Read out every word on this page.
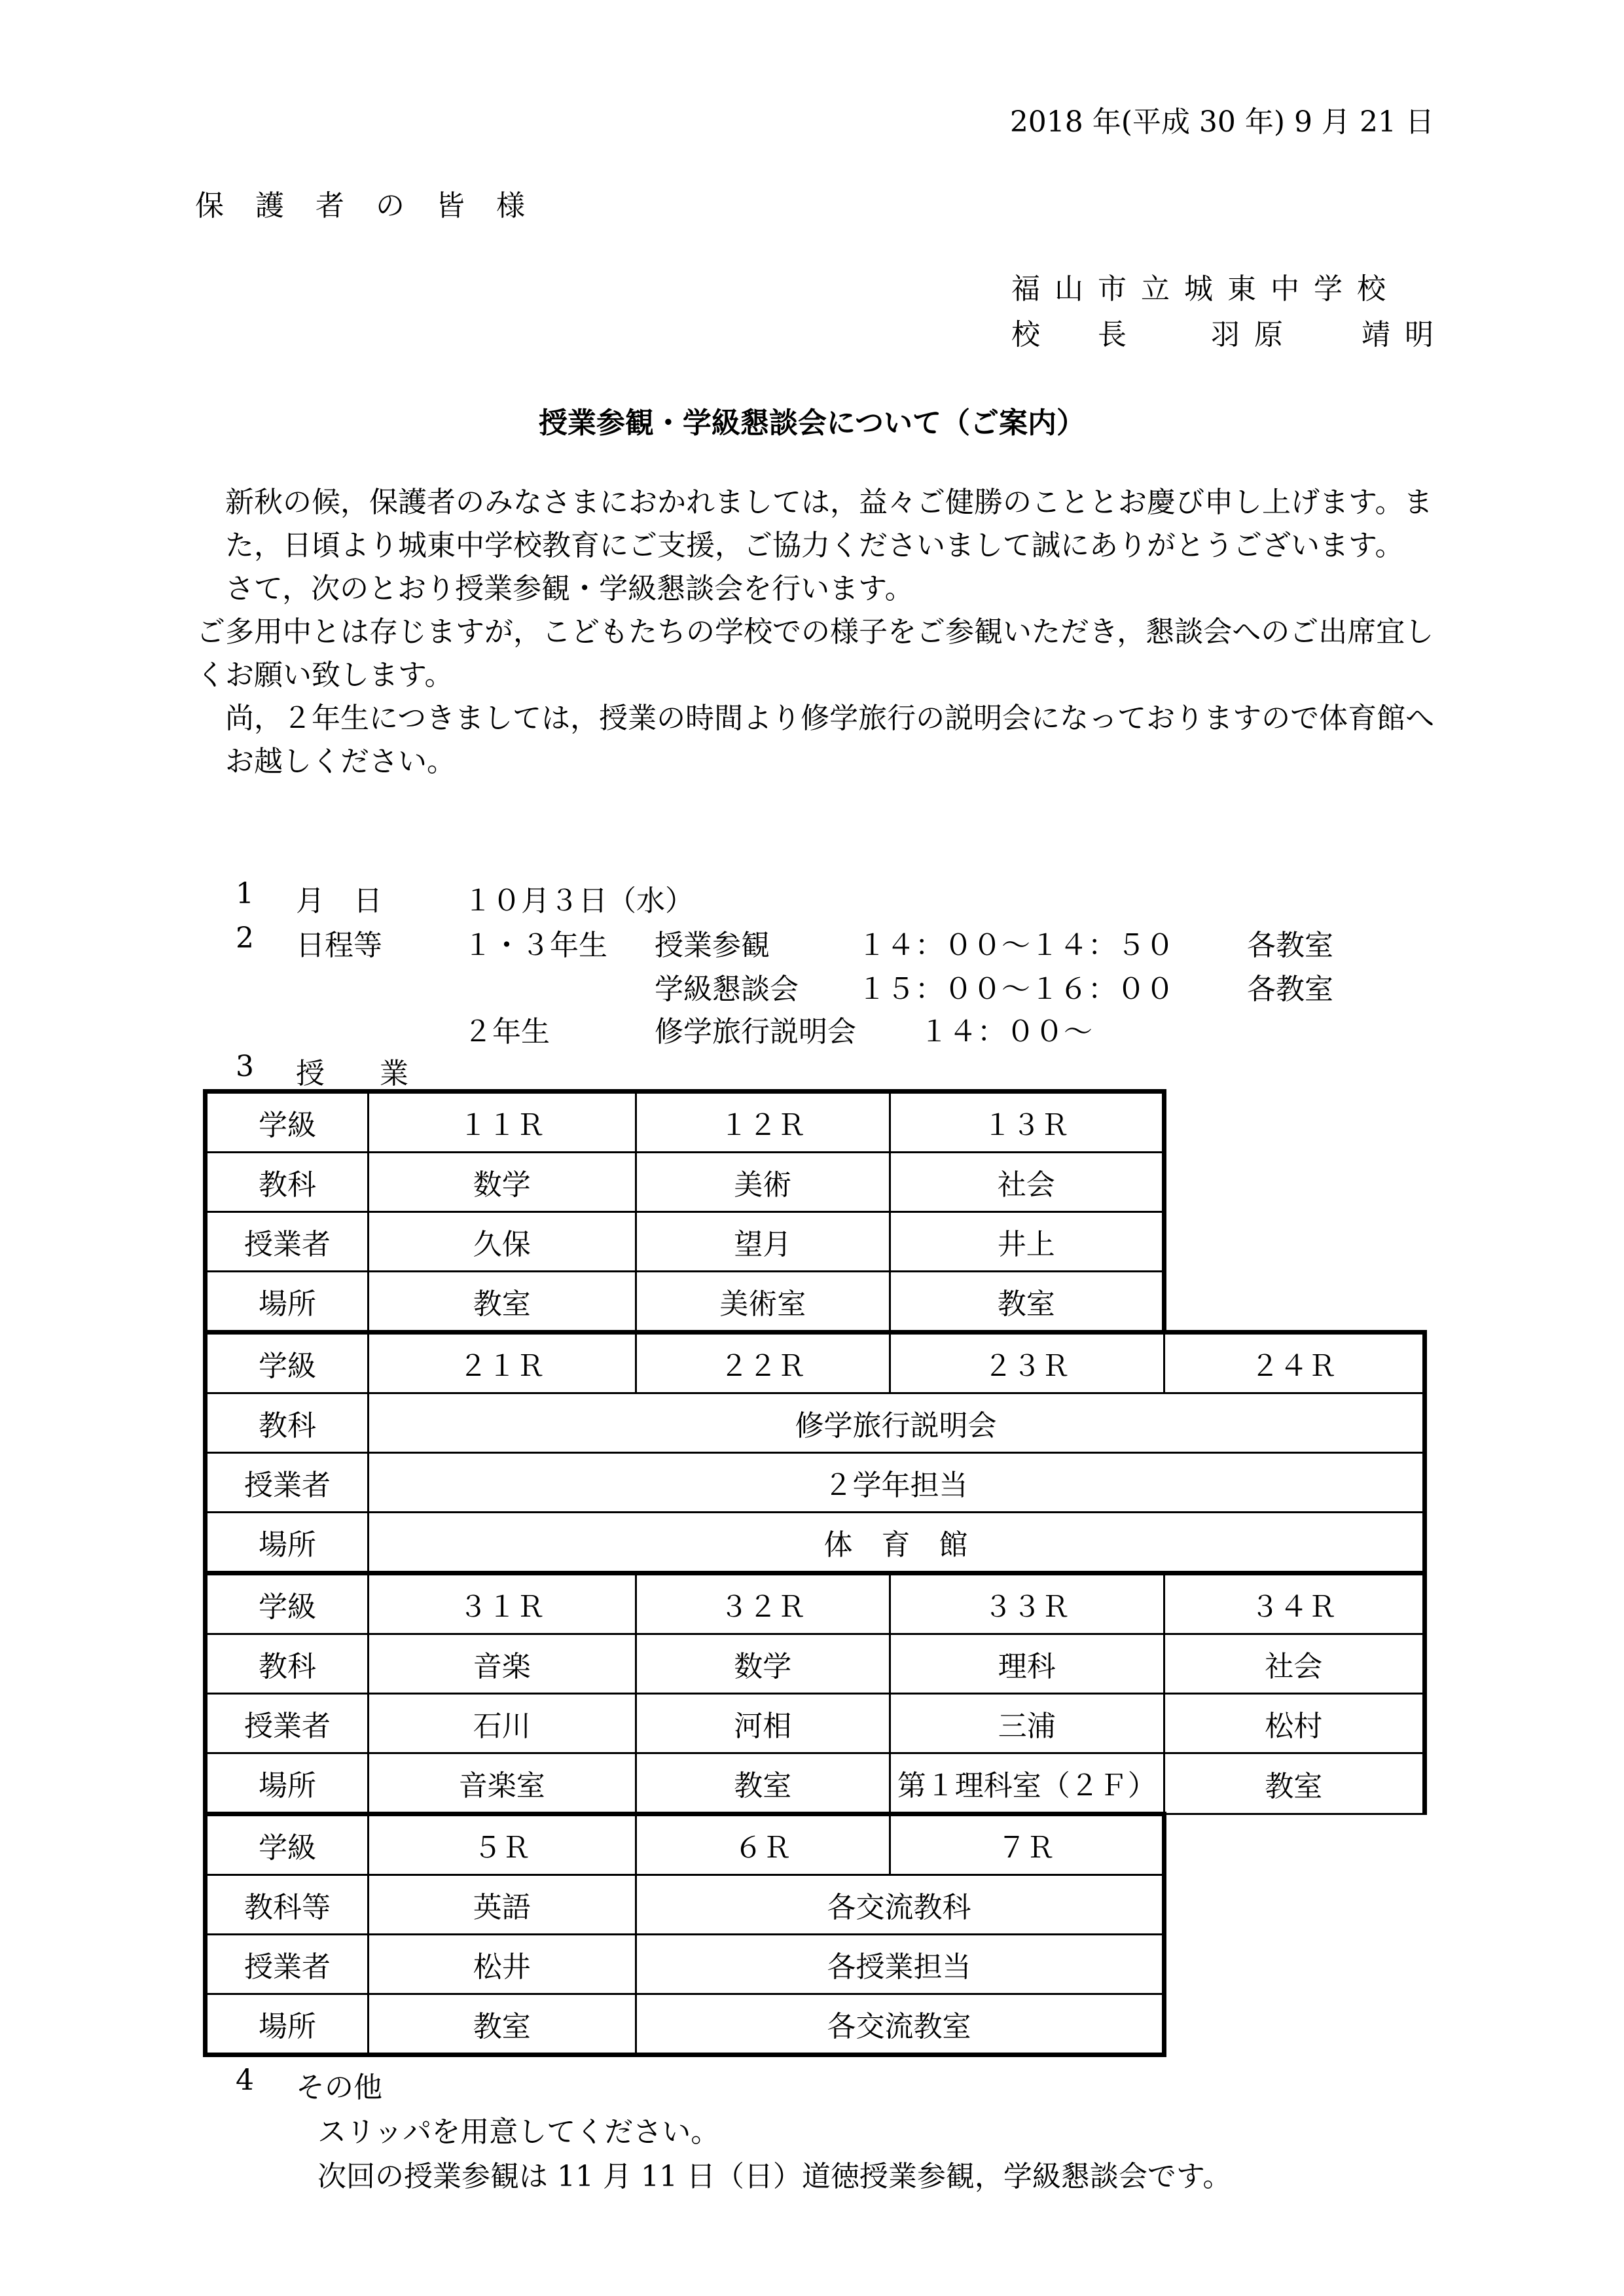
2018 年(平成 30 年) 9 月 21 日
保護者の皆様
福山市立城東中学校
校　　長	羽原 靖明
授業参観・学級懇談会について（ご案内）

新秋の候，保護者のみなさまにおかれましては，益々ご健勝のこととお慶び申し上げます。また，日頃より城東中学校教育にご支援，ご協力くださいまして誠にありがとうございます。

さて，次のとおり授業参観・学級懇談会を行います。

ご多用中とは存じますが，こどもたちの学校での様子をご参観いただき，懇談会へのご出席宜しくお願い致します。

尚，２年生につきましては，授業の時間より修学旅行の説明会になっておりますので体育館へお越しください。

1 月　日	１０月３日（水）
2 日程等	１・３年生 授業参観	１４：００～１４：５０	各教室
学級懇談会 １５：００～１６：００	各教室
２年生	修学旅行説明会 １４：００～
3 授　業
学級	１１Ｒ	１２Ｒ	１３Ｒ	
教科	数学	美術	社会	
授業者	久保	望月	井上	
場所	教室	美術室	教室	
学級	２１Ｒ	２２Ｒ	２３Ｒ	２４Ｒ
教科	修学旅行説明会			
授業者	２学年担当			
場所	体　育　館			
学級	３１Ｒ	３２Ｒ	３３Ｒ	３４Ｒ
教科	音楽	数学	理科	社会
授業者	石川	河相	三浦	松村
場所	音楽室	教室	第１理科室（２Ｆ）	教室
学級	５Ｒ	６Ｒ	７Ｒ	
教科等	英語	各交流教科		
授業者	松井	各授業担当		
場所	教室	各交流教室		
4 その他
スリッパを用意してください。
次回の授業参観は 11 月 11 日（日）道徳授業参観，学級懇談会です。
